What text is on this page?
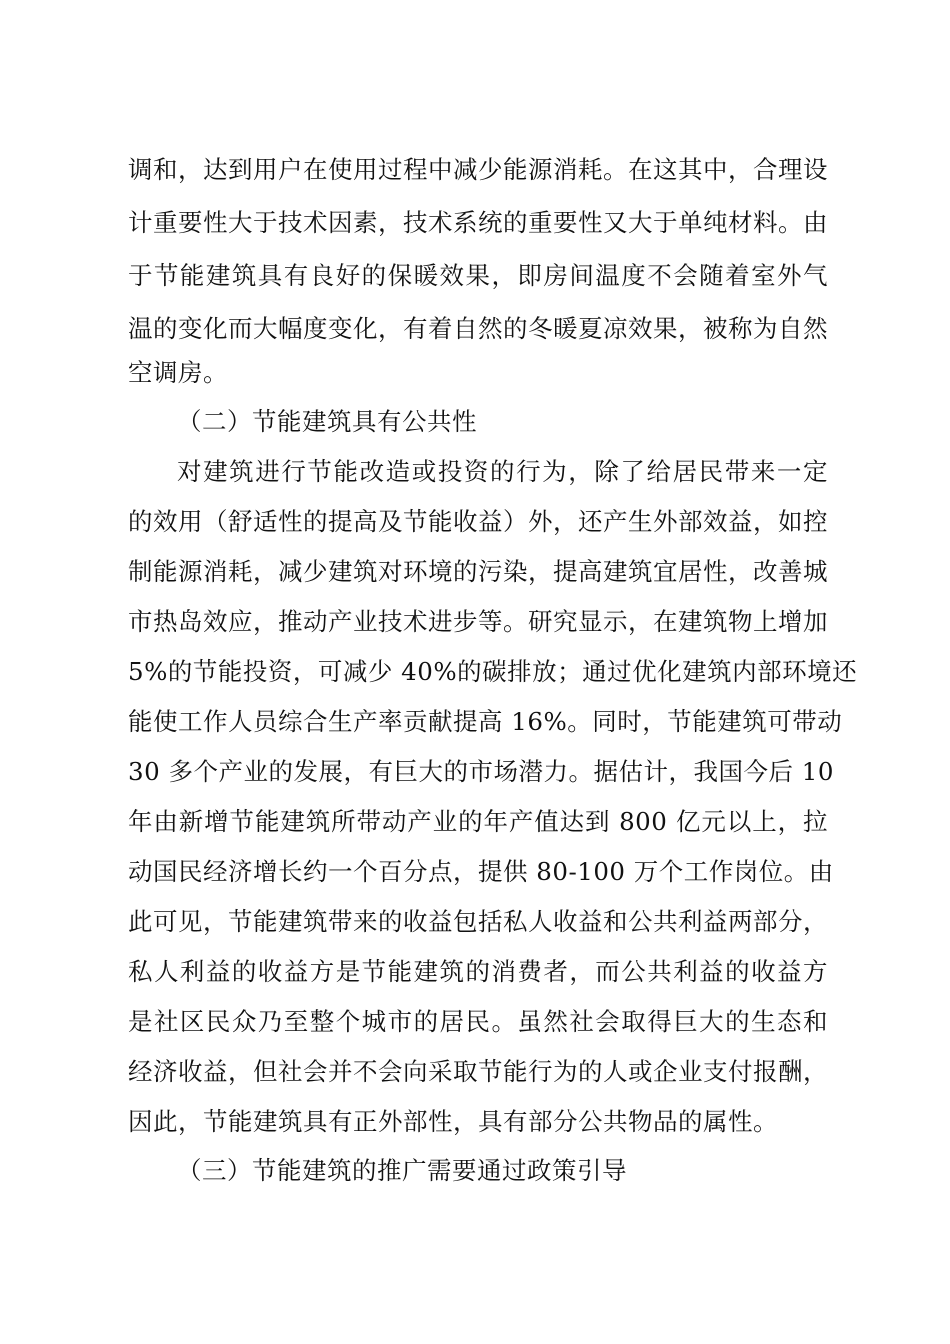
调和，达到用户在使用过程中减少能源消耗。在这其中，合理设
计重要性大于技术因素，技术系统的重要性又大于单纯材料。由
于节能建筑具有良好的保暖效果，即房间温度不会随着室外气
温的变化而大幅度变化，有着自然的冬暖夏凉效果，被称为自然
空调房。
（二）节能建筑具有公共性
对建筑进行节能改造或投资的行为，除了给居民带来一定
的效用（舒适性的提高及节能收益）外，还产生外部效益，如控
制能源消耗，减少建筑对环境的污染，提高建筑宜居性，改善城
市热岛效应，推动产业技术进步等。研究显示，在建筑物上增加
5%的节能投资，可减少 40%的碳排放；通过优化建筑内部环境还
能使工作人员综合生产率贡献提高 16%。同时，节能建筑可带动
30 多个产业的发展，有巨大的市场潜力。据估计，我国今后 10
年由新增节能建筑所带动产业的年产值达到 800 亿元以上，拉
动国民经济增长约一个百分点，提供 80-100 万个工作岗位。由
此可见，节能建筑带来的收益包括私人收益和公共利益两部分，
私人利益的收益方是节能建筑的消费者，而公共利益的收益方
是社区民众乃至整个城市的居民。虽然社会取得巨大的生态和
经济收益，但社会并不会向采取节能行为的人或企业支付报酬，
因此，节能建筑具有正外部性，具有部分公共物品的属性。
（三）节能建筑的推广需要通过政策引导
